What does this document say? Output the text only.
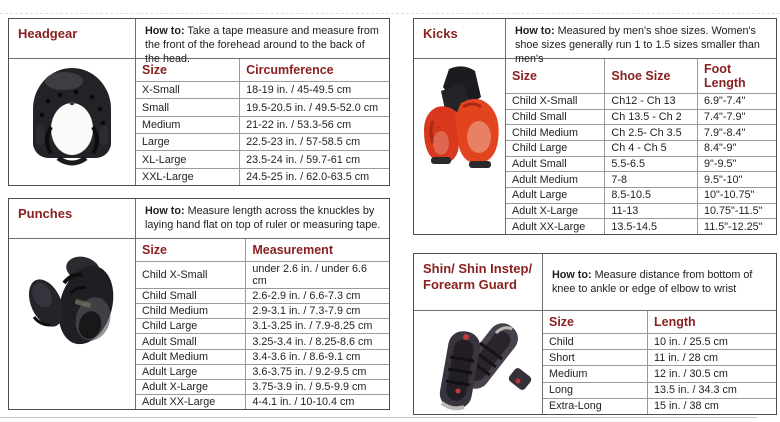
Headgear	How to: Take a tape measure and measure from the front of the forehead around to the back of the head.
Size	Circumference
X-Small	18-19 in. / 45-49.5 cm
Small	19.5-20.5 in. / 49.5-52.0 cm
Medium	21-22 in. / 53.3-56 cm
Large	22.5-23 in. / 57-58.5 cm
XL-Large	23.5-24 in. / 59.7-61 cm
XXL-Large	24.5-25 in. / 62.0-63.5 cm
Punches	How to: Measure length across the knuckles by laying hand flat on top of ruler or measuring tape.
Size	Measurement
Child X-Small	under 2.6 in. / under 6.6 cm
Child Small	2.6-2.9 in. / 6.6-7.3 cm
Child Medium	2.9-3.1 in. / 7.3-7.9 cm
Child Large	3.1-3.25 in. / 7.9-8.25 cm
Adult Small	3.25-3.4 in. / 8.25-8.6 cm
Adult Medium	3.4-3.6 in. / 8.6-9.1 cm
Adult Large	3.6-3.75 in. / 9.2-9.5 cm
Adult X-Large	3.75-3.9 in. / 9.5-9.9 cm
Adult XX-Large	4-4.1 in. / 10-10.4 cm
Kicks	How to: Measured by men's shoe sizes. Women's shoe sizes generally run 1 to 1.5 sizes smaller than men's
◦
Size	Shoe Size	Foot Length
Child X-Small	Ch12 - Ch 13	6.9"-7.4"
Child Small	Ch 13.5 - Ch 2	7.4"-7.9"
Child Medium	Ch 2.5- Ch 3.5	7.9"-8.4"
Child Large	Ch 4 - Ch 5	8.4"-9"
Adult Small	5.5-6.5	9"-9.5"
Adult Medium	7-8	9.5"-10"
Adult Large	8.5-10.5	10"-10.75"
Adult X-Large	11-13	10.75"-11.5"
Adult XX-Large	13.5-14.5	11.5"-12.25"
Shin/ Shin Instep/
Forearm Guard
How to: Measure distance from bottom of knee to ankle or edge of elbow to wrist
Size	Length
Child	10 in. / 25.5 cm
Short	11 in. / 28 cm
Medium	12 in. / 30.5 cm
Long	13.5 in. / 34.3 cm
Extra-Long	15 in. / 38 cm
